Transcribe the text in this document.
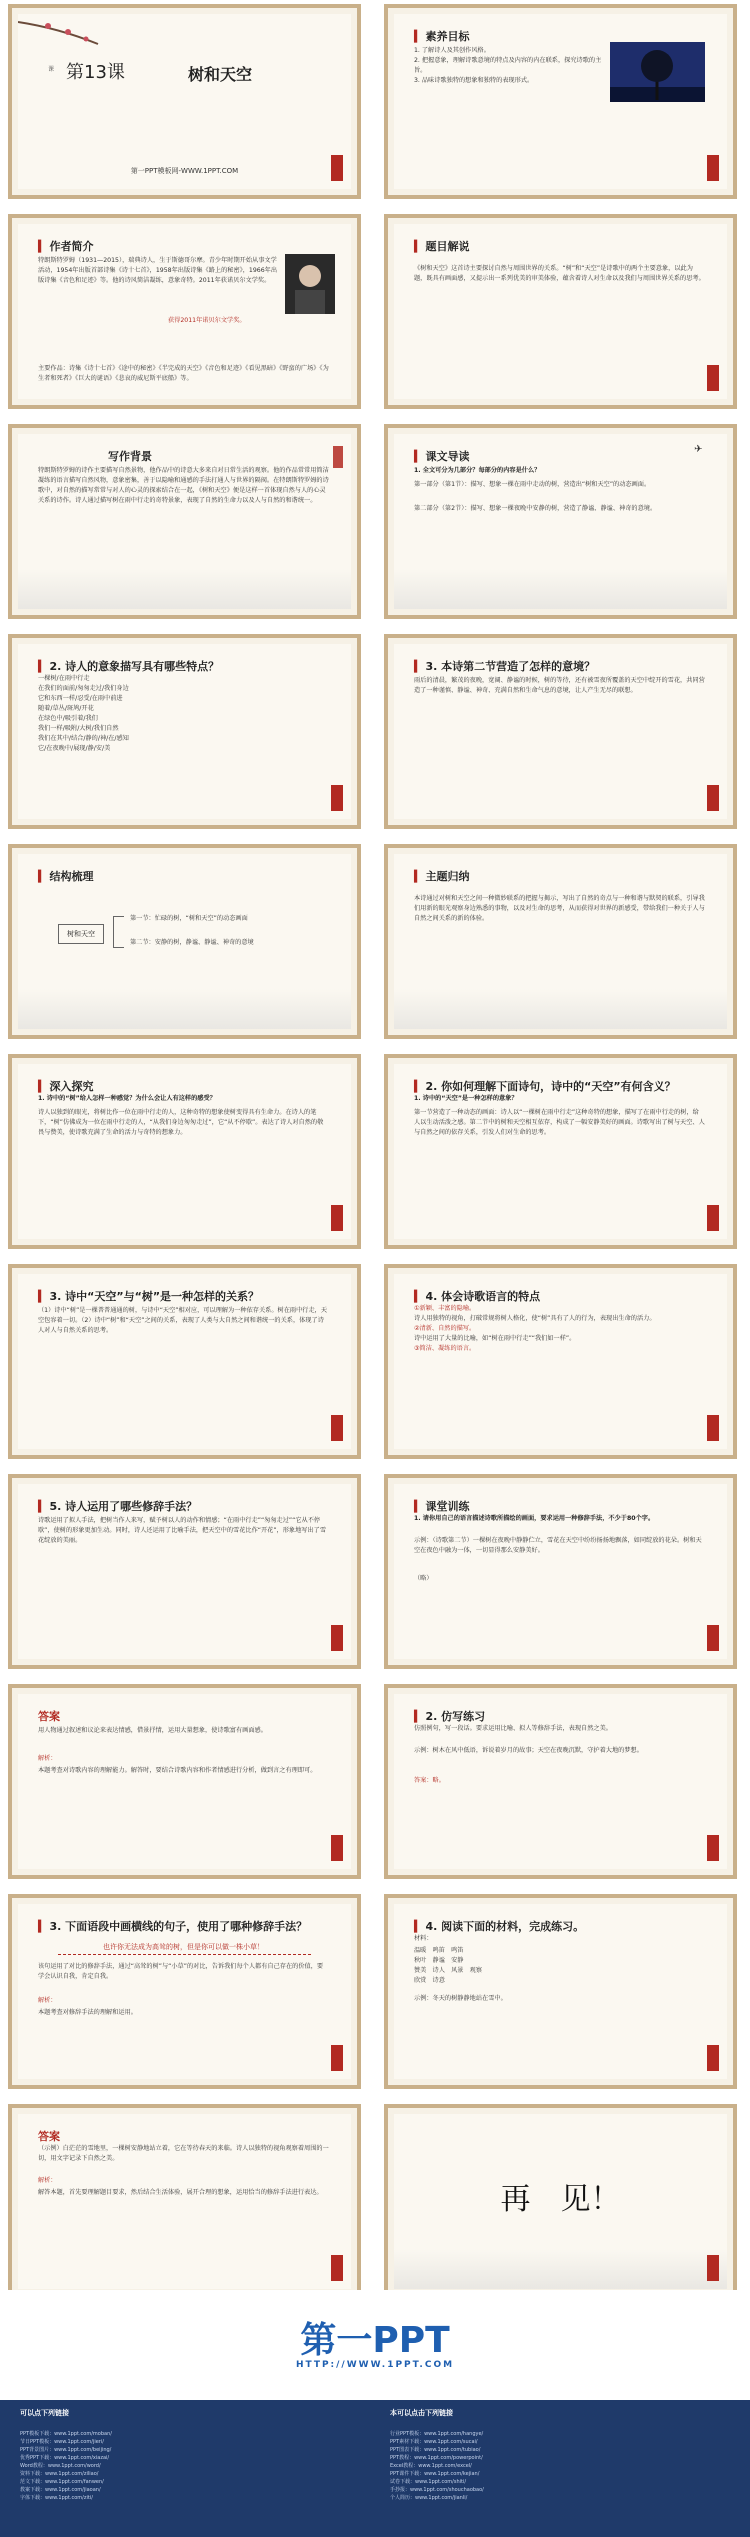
课 第13课	树和天空
第一PPT模板网-WWW.1PPT.COM
▍ 素养目标
1. 了解诗人及其创作风格。
2. 把握意象，理解诗歌意境的特点及内容的内在联系，探究诗歌的主旨。
3. 品味诗歌独特的想象和独特的表现形式。
▍ 作者简介
特朗斯特罗姆（1931—2015），瑞典诗人，生于斯德哥尔摩。青少年时期开始从事文学活动，1954年出版首部诗集《诗十七首》，1958年出版诗集《路上的秘密》，1966年出版诗集《音色和足迹》等。他的诗风简洁凝练，意象奇特。2011年获诺贝尔文学奖。
获得2011年诺贝尔文学奖。
主要作品：诗集《诗十七首》《途中的秘密》《半完成的天空》《音色和足迹》《看见黑暗》《野蛮的广场》《为生者和死者》《巨大的谜语》《悲哀的威尼斯平底船》等。
▍ 题目解说
《树和天空》这首诗主要探讨自然与周围世界的关系。“树”和“天空”是诗歌中的两个主要意象，以此为题，既具有画面感，又提示出一系列优美的审美体验，蕴含着诗人对生命以及我们与周围世界关系的思考。
写作背景
特朗斯特罗姆的诗作主要描写自然景物，他作品中的诗意大多来自对日常生活的观察。他的作品常常用简洁凝练的语言描写自然风物，意象密集，善于以隐喻和通感的手法打通人与世界的隔阂。在特朗斯特罗姆的诗歌中，对自然的描写常常与对人的心灵的探索结合在一起，《树和天空》便是这样一首体现自然与人的心灵关系的诗作。诗人通过描写树在雨中行走的奇特景象，表现了自然的生命力以及人与自然的和谐统一。
▍ 课文导读
1. 全文可分为几部分？每部分的内容是什么？
第一部分（第1节）：描写、想象一棵在雨中走动的树，营造出“树和天空”的动态画面。
第二部分（第2节）：描写、想象一棵夜晚中安静的树，营造了静谧、静谧、神奇的意境。
✈
▍ 2. 诗人的意象描写具有哪些特点？
一棵树/在雨中行走
在我们的面前/匆匆走过/我们身边
它和东西一样/忍受/在雨中前进
随着/草丛/斑鸠/开花
在绿色中/吸引着/我们
我们一样/吸附/大树/我们自然
我们在其中/结合/静的/神/在/感知
它/在夜晚中/展现/静/安/美
▍ 3. 本诗第二节营造了怎样的意境？
雨后的清晨，繁茂的夜晚，宽阔、静谧的时候，树的等待，还有被雪夜所覆盖的天空中绽开的雪花，共同营造了一种谨慎、静谧、神奇、充满自然和生命气息的意境，让人产生无尽的联想。
▍ 结构梳理
树和天空
第一节：忙碌的树，“树和天空”的动态画面
第二节：安静的树，静谧、静谧、神奇的意境
▍ 主题归纳
本诗通过对树和天空之间一种微妙联系的把握与揭示，写出了自然的奇点与一种和谐与默契的联系，引导我们用新的眼光观察身边熟悉的事物，以及对生命的思考，从而获得对世界的新感受，带给我们一种关于人与自然之间关系的新的体验。
▍ 深入探究
1. 诗中的“树”给人怎样一种感觉？为什么会让人有这样的感受？
诗人以独到的眼光，将树比作一位在雨中行走的人，这种奇特的想象使树变得具有生命力。在诗人的笔下，“树”仿佛成为一位在雨中行走的人，“从我们身边匆匆走过”，它“从不停歇”。表达了诗人对自然的敬畏与赞美，使诗歌充满了生命的活力与奇特的想象力。
▍ 2. 你如何理解下面诗句，诗中的“天空”有何含义？
1. 诗中的“天空”是一种怎样的意象？
第一节营造了一种动态的画面：诗人以“一棵树在雨中行走”这种奇特的想象，描写了在雨中行走的树，给人以生动活泼之感。第二节中的树和天空相互依存，构成了一幅安静美好的画面。诗歌写出了树与天空、人与自然之间的依存关系，引发人们对生命的思考。
▍ 3. 诗中“天空”与“树”是一种怎样的关系？
（1）诗中“树”是一棵普普通通的树，与诗中“天空”相对应，可以理解为一种依存关系。树在雨中行走，天空包容着一切。（2）诗中“树”和“天空”之间的关系，表现了人类与大自然之间和谐统一的关系，体现了诗人对人与自然关系的思考。
▍ 4. 体会诗歌语言的特点
①新颖、丰富的隐喻。
诗人用独特的视角，打破常规将树人格化，使“树”具有了人的行为，表现出生命的活力。
②清新、自然的描写。
诗中运用了大量的比喻，如“树在雨中行走”“我们如一样”。
③简洁、凝练的语言。
▍ 5. 诗人运用了哪些修辞手法？
诗歌运用了拟人手法，把树当作人来写，赋予树以人的动作和情感；“在雨中行走”“匆匆走过”“它从不停歇”，使树的形象更加生动。同时，诗人还运用了比喻手法，把天空中的雪花比作“开花”，形象地写出了雪花绽放的美丽。
▍ 课堂训练
1. 请你用自己的语言描述诗歌所描绘的画面，要求运用一种修辞手法，不少于80个字。
示例：（诗歌第二节）一棵树在夜晚中静静伫立，雪花在天空中纷纷扬扬地飘落，如同绽放的花朵。树和天空在夜色中融为一体，一切显得那么安静美好。
（略）
答案
用人物通过叙述和议论来表达情感，借景抒情，运用大量想象，使诗歌富有画面感。
解析：
本题考查对诗歌内容的理解能力。解答时，要结合诗歌内容和作者情感进行分析，做到言之有理即可。
▍ 2. 仿写练习
仿照例句，写一段话。要求运用比喻、拟人等修辞手法，表现自然之美。
示例：树木在风中低语，诉说着岁月的故事；天空在夜晚沉默，守护着大地的梦想。
答案：略。
▍ 3. 下面语段中画横线的句子，使用了哪种修辞手法？
也许你无法成为高耸的树，但是你可以做一株小草！
该句运用了对比的修辞手法，通过“高耸的树”与“小草”的对比，告诉我们每个人都有自己存在的价值，要学会认识自我，肯定自我。
解析：
本题考查对修辞手法的理解和运用。
▍ 4. 阅读下面的材料，完成练习。
材料：
温暖　鸣笛　鸣笛
秋叶　静谧　安静
赞美　诗人　风景　观察
欣赏　诗意
示例：冬天的树静静地站在雪中。
答案
（示例）白茫茫的雪地里，一棵树安静地站立着，它在等待春天的来临。诗人以独特的视角观察着周围的一切，用文字记录下自然之美。
解析：
解答本题，首先要理解题目要求，然后结合生活体验，展开合理的想象，运用恰当的修辞手法进行表达。	再　见！
第一PPT
HTTP://WWW.1PPT.COM
可以点下列链接	本可以点击下列链接
PPT模板下载：www.1ppt.com/moban/
节日PPT模板：www.1ppt.com/jieri/
PPT背景图片：www.1ppt.com/beijing/
优秀PPT下载：www.1ppt.com/xiazai/
Word教程：www.1ppt.com/word/
资料下载：www.1ppt.com/ziliao/
范文下载：www.1ppt.com/fanwen/
教案下载：www.1ppt.com/jiaoan/
字体下载：www.1ppt.com/ziti/
行业PPT模板：www.1ppt.com/hangye/
PPT素材下载：www.1ppt.com/sucai/
PPT图表下载：www.1ppt.com/tubiao/
PPT教程：www.1ppt.com/powerpoint/
Excel教程：www.1ppt.com/excel/
PPT课件下载：www.1ppt.com/kejian/
试卷下载：www.1ppt.com/shiti/
手抄报：www.1ppt.com/shouchaobao/
个人简历：www.1ppt.com/jianli/
